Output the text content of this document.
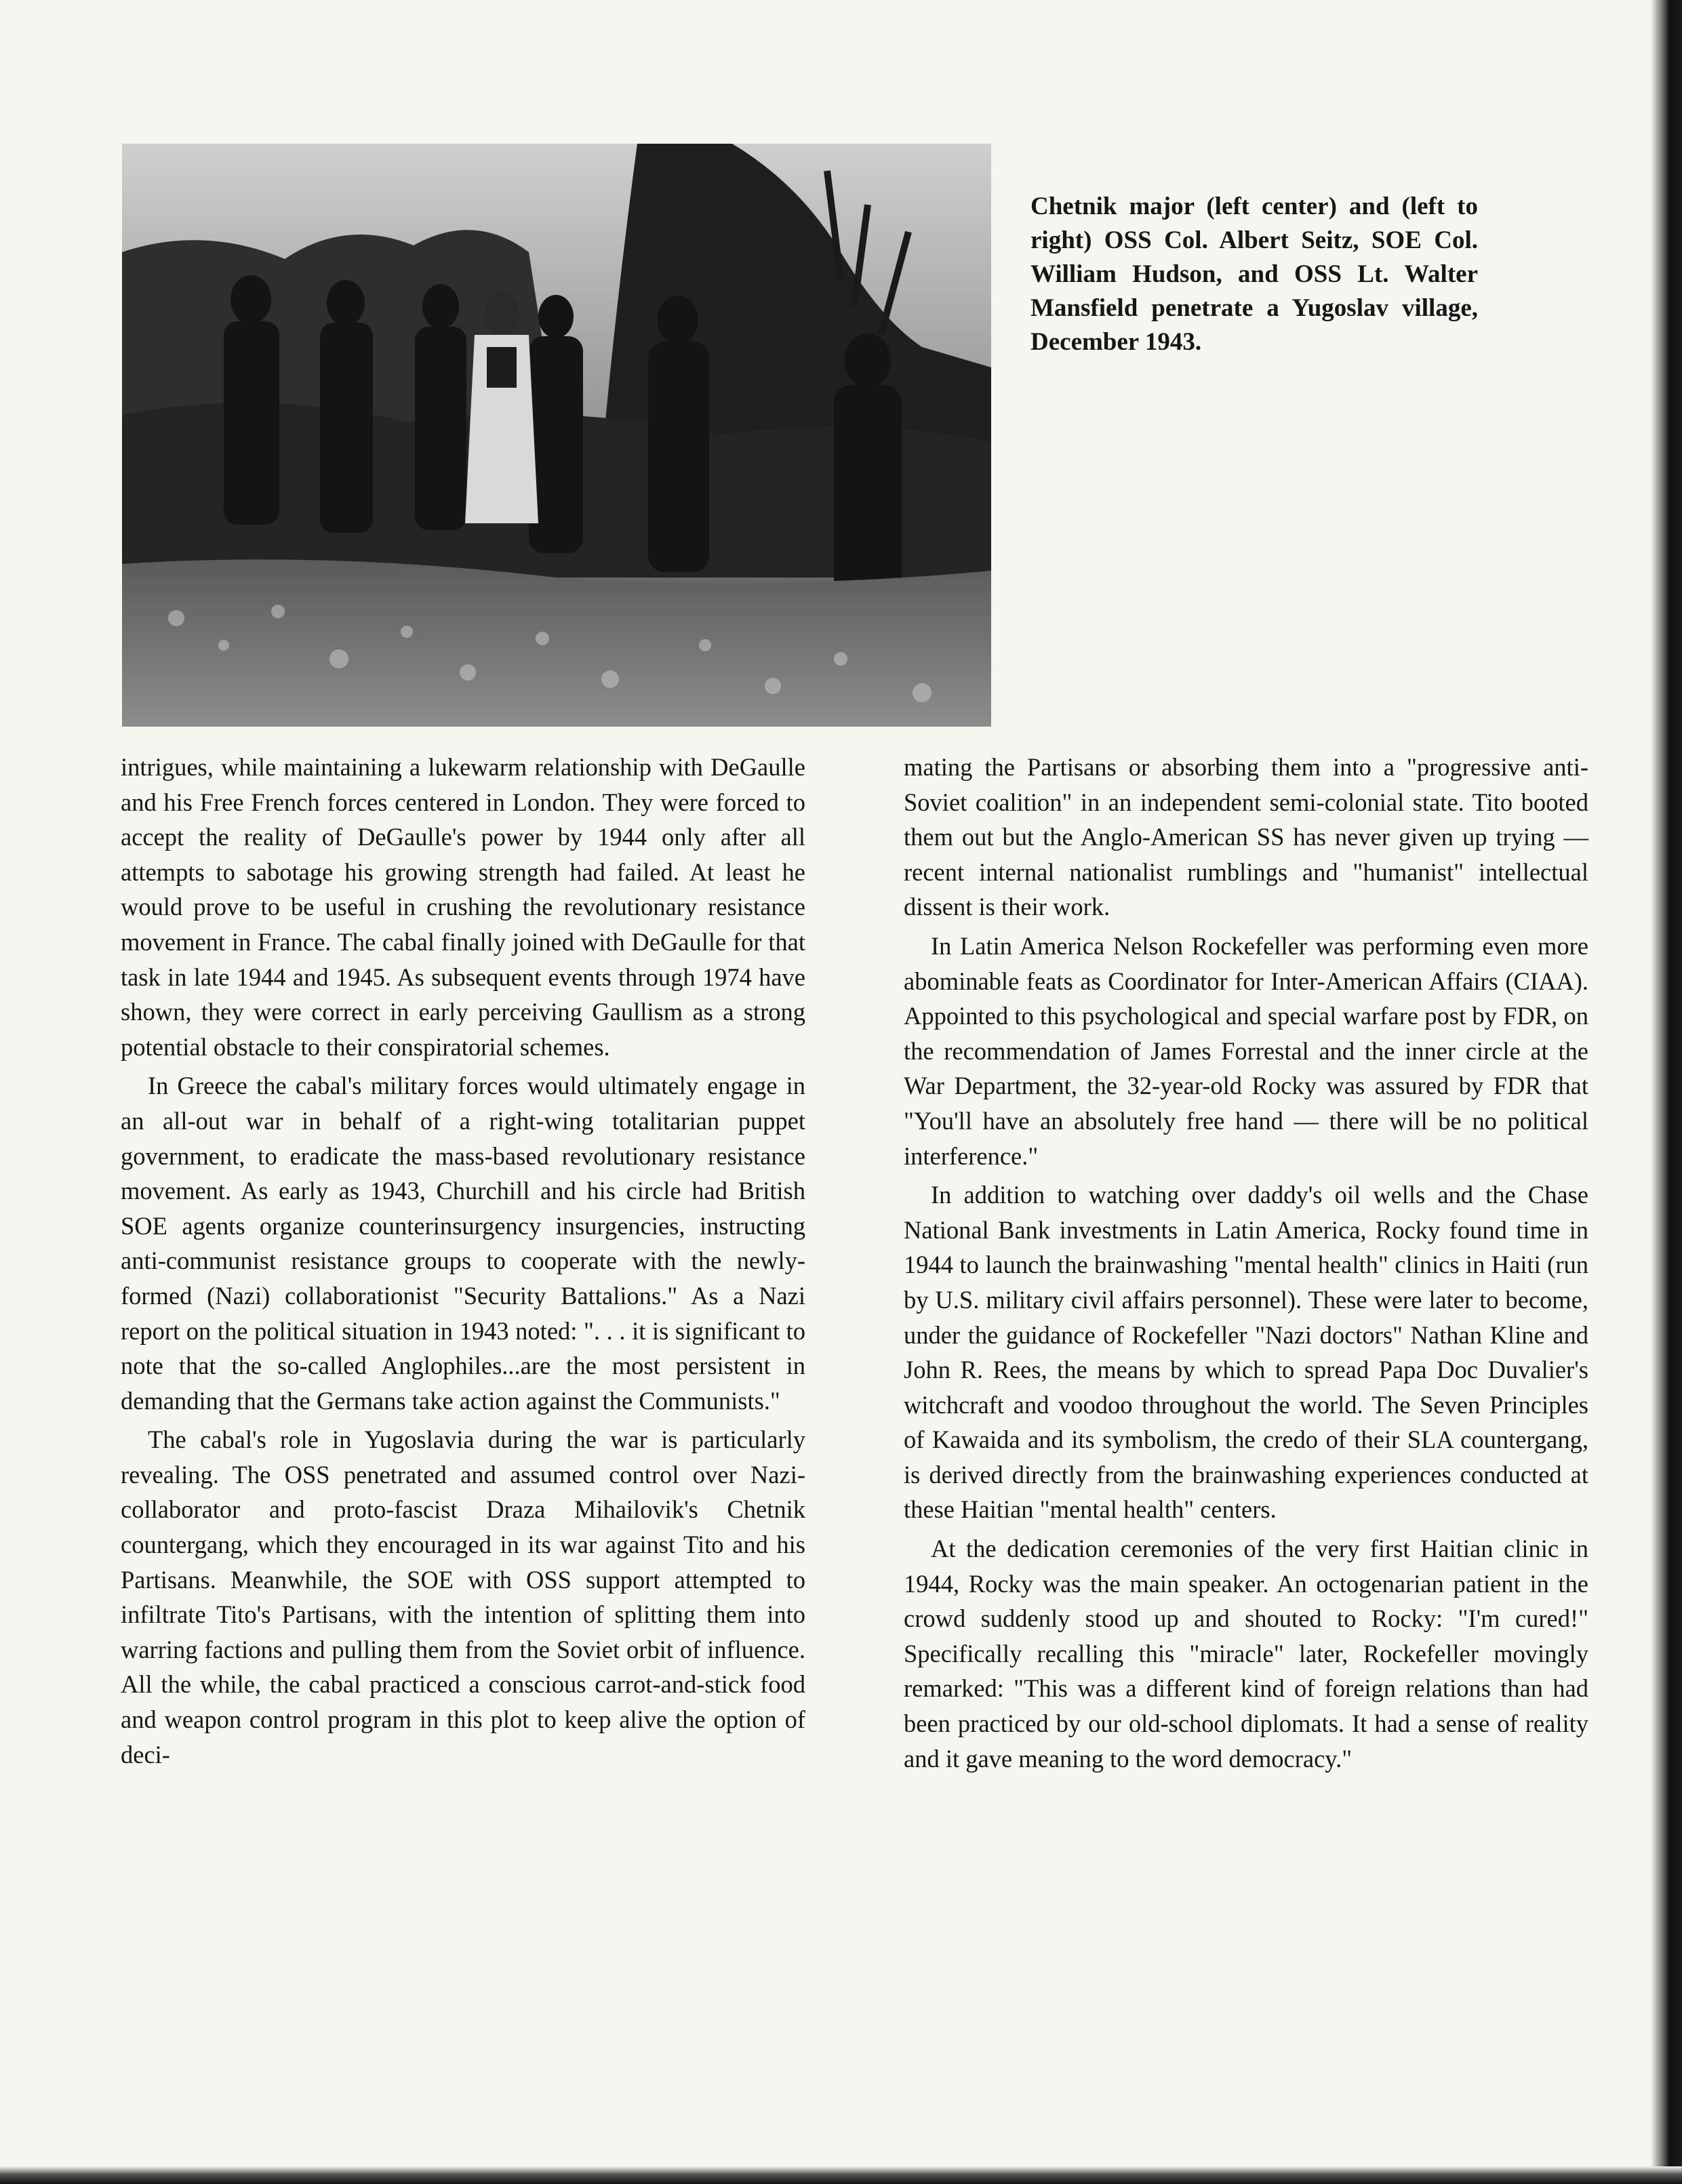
Chetnik major (left center) and (left to right) OSS Col. Albert Seitz, SOE Col. William Hudson, and OSS Lt. Walter Mansfield penetrate a Yugoslav village, December 1943.

intrigues, while maintaining a lukewarm relationship with DeGaulle and his Free French forces centered in London. They were forced to accept the reality of DeGaulle's power by 1944 only after all attempts to sabotage his growing strength had failed. At least he would prove to be useful in crushing the revolutionary resistance movement in France. The cabal finally joined with DeGaulle for that task in late 1944 and 1945. As subsequent events through 1974 have shown, they were correct in early perceiving Gaullism as a strong potential obstacle to their conspiratorial schemes.

In Greece the cabal's military forces would ultimately engage in an all-out war in behalf of a right-wing totalitarian puppet government, to eradicate the mass-based revolutionary resistance movement. As early as 1943, Churchill and his circle had British SOE agents organize counterinsurgency insurgencies, instructing anti-communist resistance groups to cooperate with the newly-formed (Nazi) collaborationist "Security Battalions." As a Nazi report on the political situation in 1943 noted: ". . . it is significant to note that the so-called Anglophiles...are the most persistent in demanding that the Germans take action against the Communists."

The cabal's role in Yugoslavia during the war is particularly revealing. The OSS penetrated and assumed control over Nazi-collaborator and proto-fascist Draza Mihailovik's Chetnik countergang, which they encouraged in its war against Tito and his Partisans. Meanwhile, the SOE with OSS support attempted to infiltrate Tito's Partisans, with the intention of splitting them into warring factions and pulling them from the Soviet orbit of influence. All the while, the cabal practiced a conscious carrot-and-stick food and weapon control program in this plot to keep alive the option of deci-

mating the Partisans or absorbing them into a "progressive anti-Soviet coalition" in an independent semi-colonial state. Tito booted them out but the Anglo-American SS has never given up trying — recent internal nationalist rumblings and "humanist" intellectual dissent is their work.

In Latin America Nelson Rockefeller was performing even more abominable feats as Coordinator for Inter-American Affairs (CIAA). Appointed to this psychological and special warfare post by FDR, on the recommendation of James Forrestal and the inner circle at the War Department, the 32-year-old Rocky was assured by FDR that "You'll have an absolutely free hand — there will be no political interference."

In addition to watching over daddy's oil wells and the Chase National Bank investments in Latin America, Rocky found time in 1944 to launch the brainwashing "mental health" clinics in Haiti (run by U.S. military civil affairs personnel). These were later to become, under the guidance of Rockefeller "Nazi doctors" Nathan Kline and John R. Rees, the means by which to spread Papa Doc Duvalier's witchcraft and voodoo throughout the world. The Seven Principles of Kawaida and its symbolism, the credo of their SLA countergang, is derived directly from the brainwashing experiences conducted at these Haitian "mental health" centers.

At the dedication ceremonies of the very first Haitian clinic in 1944, Rocky was the main speaker. An octogenarian patient in the crowd suddenly stood up and shouted to Rocky: "I'm cured!" Specifically recalling this "miracle" later, Rockefeller movingly remarked: "This was a different kind of foreign relations than had been practiced by our old-school diplomats. It had a sense of reality and it gave meaning to the word democracy."
